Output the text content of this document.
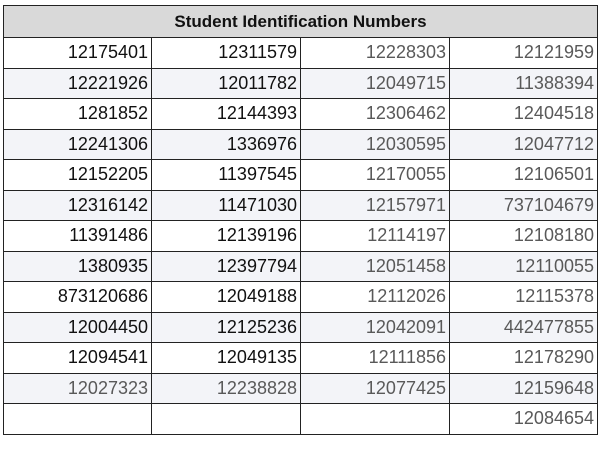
Student Identification Numbers			
12175401	12311579	12228303	12121959
12221926	12011782	12049715	11388394
1281852	12144393	12306462	12404518
12241306	1336976	12030595	12047712
12152205	11397545	12170055	12106501
12316142	11471030	12157971	737104679
11391486	12139196	12114197	12108180
1380935	12397794	12051458	12110055
873120686	12049188	12112026	12115378
12004450	12125236	12042091	442477855
12094541	12049135	12111856	12178290
12027323	12238828	12077425	12159648
			12084654
